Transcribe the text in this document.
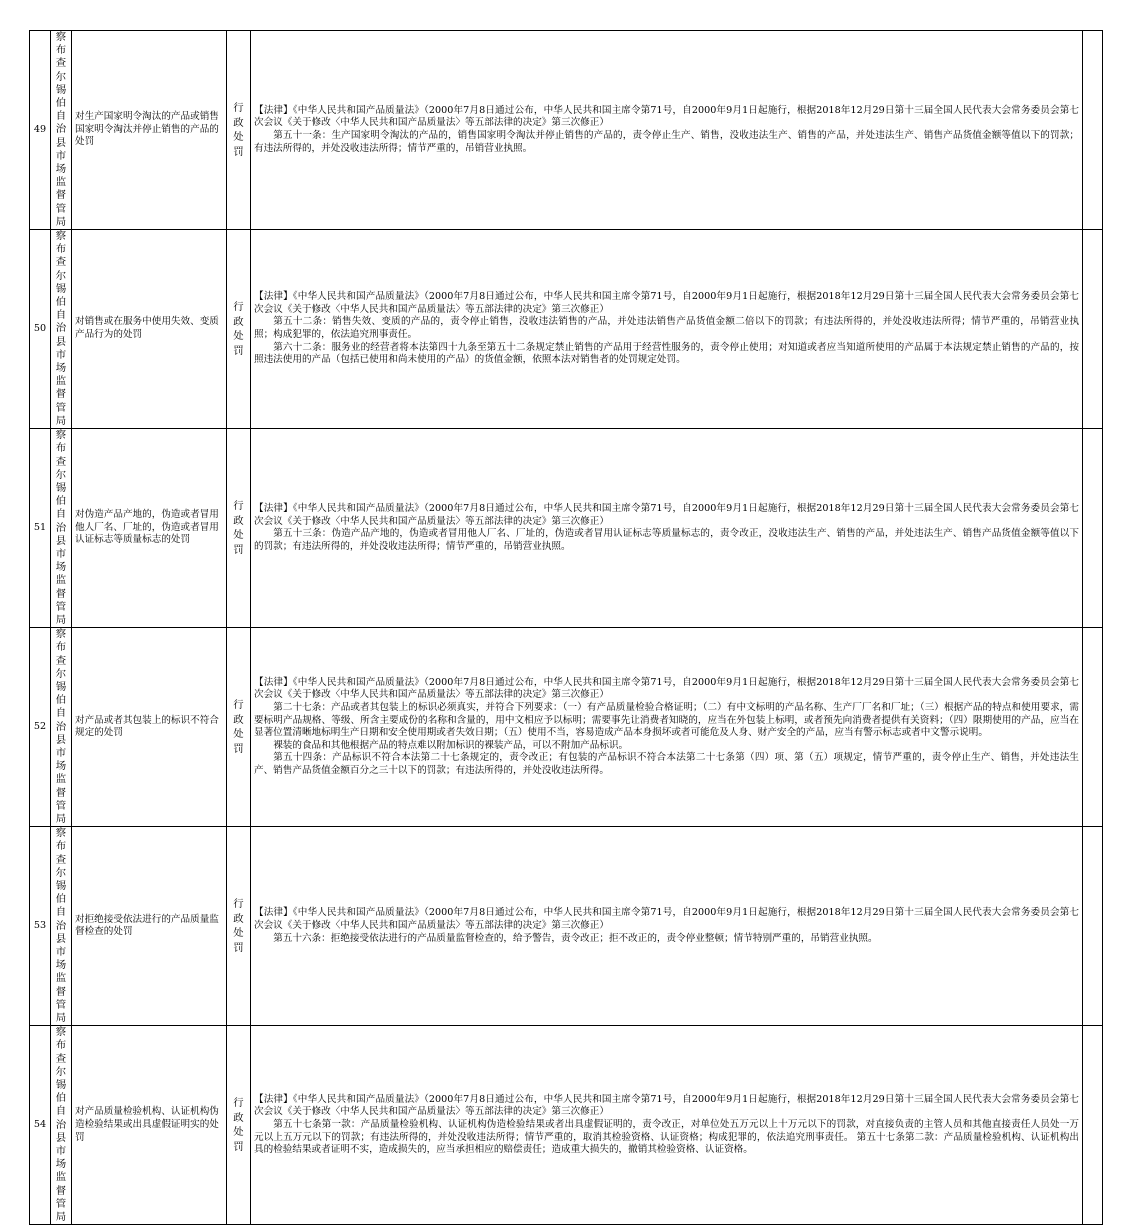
49	察布查尔锡伯自治县市场监督管局	对生产国家明令淘汰的产品或销售国家明令淘汰并停止销售的产品的处罚	行政处罚	【法律】《中华人民共和国产品质量法》（2000年7月8日通过公布，中华人民共和国主席令第71号，自2000年9月1日起施行，根据2018年12月29日第十三届全国人民代表大会常务委员会第七次会议《关于修改〈中华人民共和国产品质量法〉等五部法律的决定》第三次修正）

第五十一条：生产国家明令淘汰的产品的，销售国家明令淘汰并停止销售的产品的，责令停止生产、销售，没收违法生产、销售的产品，并处违法生产、销售产品货值金额等值以下的罚款；有违法所得的，并处没收违法所得；情节严重的，吊销营业执照。	

50	察布查尔锡伯自治县市场监督管局	对销售或在服务中使用失效、变质产品行为的处罚	行政处罚	【法律】《中华人民共和国产品质量法》（2000年7月8日通过公布，中华人民共和国主席令第71号，自2000年9月1日起施行，根据2018年12月29日第十三届全国人民代表大会常务委员会第七次会议《关于修改〈中华人民共和国产品质量法〉等五部法律的决定》第三次修正）

第五十二条：销售失效、变质的产品的，责令停止销售，没收违法销售的产品，并处违法销售产品货值金额二倍以下的罚款；有违法所得的，并处没收违法所得；情节严重的，吊销营业执照；构成犯罪的，依法追究刑事责任。

第六十二条：服务业的经营者将本法第四十九条至第五十二条规定禁止销售的产品用于经营性服务的，责令停止使用；对知道或者应当知道所使用的产品属于本法规定禁止销售的产品的，按照违法使用的产品（包括已使用和尚未使用的产品）的货值金额，依照本法对销售者的处罚规定处罚。	

51	察布查尔锡伯自治县市场监督管局	对伪造产品产地的，伪造或者冒用他人厂名、厂址的，伪造或者冒用认证标志等质量标志的处罚	行政处罚	【法律】《中华人民共和国产品质量法》（2000年7月8日通过公布，中华人民共和国主席令第71号，自2000年9月1日起施行，根据2018年12月29日第十三届全国人民代表大会常务委员会第七次会议《关于修改〈中华人民共和国产品质量法〉等五部法律的决定》第三次修正）

第五十三条：伪造产品产地的，伪造或者冒用他人厂名、厂址的，伪造或者冒用认证标志等质量标志的，责令改正，没收违法生产、销售的产品，并处违法生产、销售产品货值金额等值以下的罚款；有违法所得的，并处没收违法所得；情节严重的，吊销营业执照。	

52	察布查尔锡伯自治县市场监督管局	对产品或者其包装上的标识不符合规定的处罚	行政处罚	【法律】《中华人民共和国产品质量法》（2000年7月8日通过公布，中华人民共和国主席令第71号，自2000年9月1日起施行，根据2018年12月29日第十三届全国人民代表大会常务委员会第七次会议《关于修改〈中华人民共和国产品质量法〉等五部法律的决定》第三次修正）

第二十七条：产品或者其包装上的标识必须真实，并符合下列要求：（一）有产品质量检验合格证明；（二）有中文标明的产品名称、生产厂厂名和厂址；（三）根据产品的特点和使用要求，需要标明产品规格、等级、所含主要成份的名称和含量的，用中文相应予以标明；需要事先让消费者知晓的，应当在外包装上标明，或者预先向消费者提供有关资料；（四）限期使用的产品，应当在显著位置清晰地标明生产日期和安全使用期或者失效日期；（五）使用不当，容易造成产品本身损坏或者可能危及人身、财产安全的产品，应当有警示标志或者中文警示说明。

裸装的食品和其他根据产品的特点难以附加标识的裸装产品，可以不附加产品标识。

第五十四条：产品标识不符合本法第二十七条规定的，责令改正；有包装的产品标识不符合本法第二十七条第（四）项、第（五）项规定，情节严重的，责令停止生产、销售，并处违法生产、销售产品货值金额百分之三十以下的罚款；有违法所得的，并处没收违法所得。	

53	察布查尔锡伯自治县市场监督管局	对拒绝接受依法进行的产品质量监督检查的处罚	行政处罚	【法律】《中华人民共和国产品质量法》（2000年7月8日通过公布，中华人民共和国主席令第71号，自2000年9月1日起施行，根据2018年12月29日第十三届全国人民代表大会常务委员会第七次会议《关于修改〈中华人民共和国产品质量法〉等五部法律的决定》第三次修正）

第五十六条：拒绝接受依法进行的产品质量监督检查的，给予警告，责令改正；拒不改正的，责令停业整顿；情节特别严重的，吊销营业执照。	

54	察布查尔锡伯自治县市场监督管局	对产品质量检验机构、认证机构伪造检验结果或出具虚假证明实的处罚	行政处罚	【法律】《中华人民共和国产品质量法》（2000年7月8日通过公布，中华人民共和国主席令第71号，自2000年9月1日起施行，根据2018年12月29日第十三届全国人民代表大会常务委员会第七次会议《关于修改〈中华人民共和国产品质量法〉等五部法律的决定》第三次修正）

第五十七条第一款：产品质量检验机构、认证机构伪造检验结果或者出具虚假证明的，责令改正，对单位处五万元以上十万元以下的罚款，对直接负责的主管人员和其他直接责任人员处一万元以上五万元以下的罚款；有违法所得的，并处没收违法所得；情节严重的，取消其检验资格、认证资格；构成犯罪的，依法追究刑事责任。 第五十七条第二款：产品质量检验机构、认证机构出具的检验结果或者证明不实，造成损失的，应当承担相应的赔偿责任；造成重大损失的，撤销其检验资格、认证资格。	
